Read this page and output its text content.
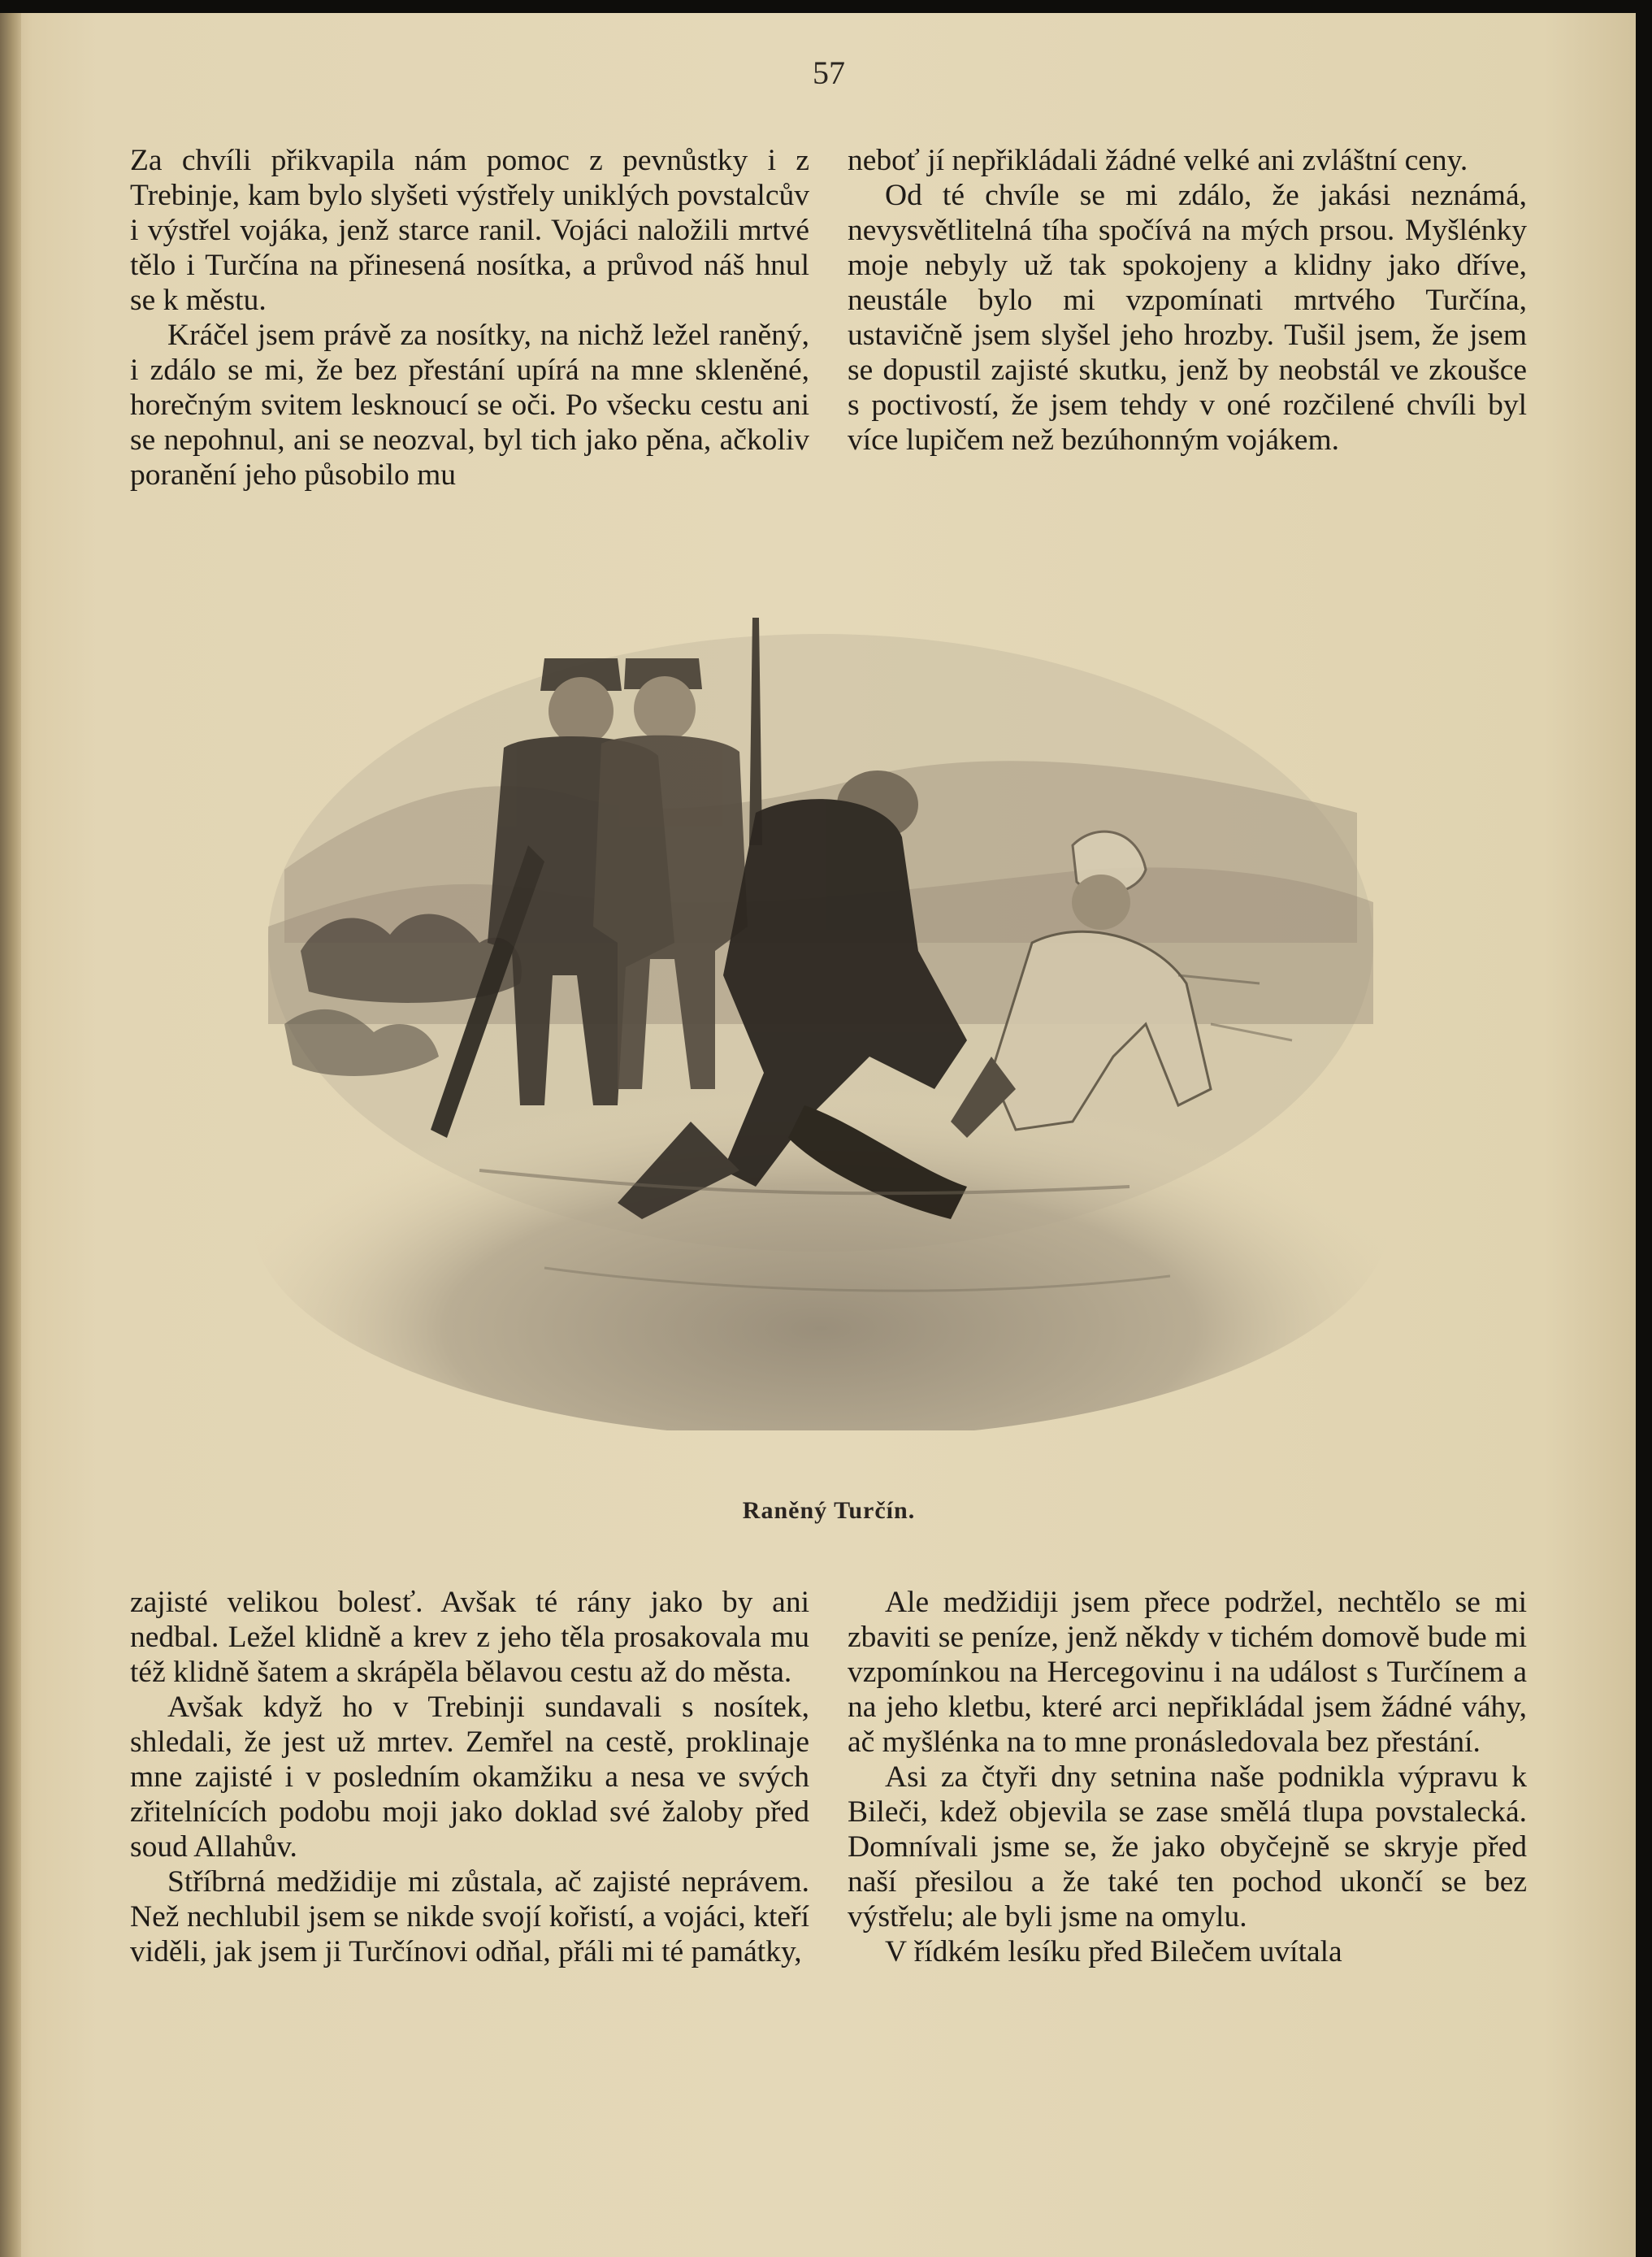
57

Za chvíli přikvapila nám pomoc z pevnůstky i z Trebinje, kam bylo slyšeti výstřely uniklých povstalcův i výstřel vojáka, jenž starce ranil. Vojáci naložili mrtvé tělo i Turčína na přinesená nosítka, a průvod náš hnul se k městu.

Kráčel jsem právě za nosítky, na nichž ležel raněný, i zdálo se mi, že bez přestání upírá na mne skleněné, horečným svitem lesknoucí se oči. Po všecku cestu ani se nepohnul, ani se neozval, byl tich jako pěna, ačkoliv poranění jeho působilo mu

neboť jí nepřikládali žádné velké ani zvláštní ceny.

Od té chvíle se mi zdálo, že jakási neznámá, nevysvětlitelná tíha spočívá na mých prsou. Myšlénky moje nebyly už tak spokojeny a klidny jako dříve, neustále bylo mi vzpomínati mrtvého Turčína, ustavičně jsem slyšel jeho hrozby. Tušil jsem, že jsem se dopustil zajisté skutku, jenž by neobstál ve zkoušce s poctivostí, že jsem tehdy v oné rozčilené chvíli byl více lupičem než bezúhonným vojákem.

Raněný Turčín.

zajisté velikou bolesť. Avšak té rány jako by ani nedbal. Ležel klidně a krev z jeho těla prosakovala mu též klidně šatem a skrápěla bělavou cestu až do města.

Avšak když ho v Trebinji sundavali s nosítek, shledali, že jest už mrtev. Zemřel na cestě, proklinaje mne zajisté i v posledním okamžiku a nesa ve svých zřitelnících podobu moji jako doklad své žaloby před soud Allahův.

Stříbrná medžidije mi zůstala, ač zajisté neprávem. Než nechlubil jsem se nikde svojí kořistí, a vojáci, kteří viděli, jak jsem ji Turčínovi odňal, přáli mi té památky,

Ale medžidiji jsem přece podržel, nechtělo se mi zbaviti se peníze, jenž někdy v tichém domově bude mi vzpomínkou na Hercegovinu i na událost s Turčínem a na jeho kletbu, které arci nepřikládal jsem žádné váhy, ač myšlénka na to mne pronásledovala bez přestání.

Asi za čtyři dny setnina naše podnikla výpravu k Bileči, kdež objevila se zase smělá tlupa povstalecká. Domnívali jsme se, že jako obyčejně se skryje před naší přesilou a že také ten pochod ukončí se bez výstřelu; ale byli jsme na omylu.

V řídkém lesíku před Bilečem uvítala
